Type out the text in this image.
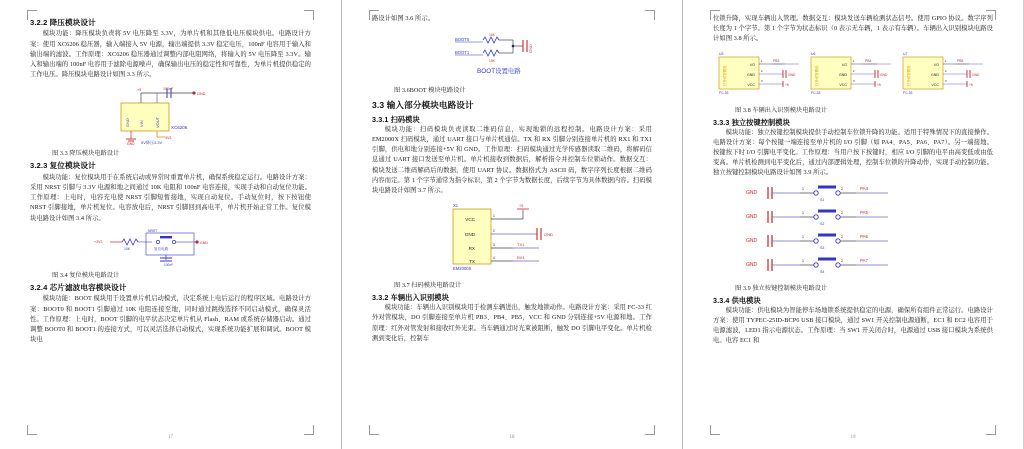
3.2.2 降压模块设计

模块功能：降压模块负责将 5V 电压降至 3.3V，为单片机和其他低电压模块供电。电路设计方案：使用 XC6206 稳压器，输入端接入 5V 电源，输出端提供 3.3V 稳定电压，100nF 电容用于输入和输出端的滤波。工作原理：XC6206 稳压器通过调整内部电阻网络，将输入的 5V 电压降至 3.3V。输入和输出端的 100nF 电容用于滤除电源噪声，确保输出电压的稳定性和可靠性，为单片机提供稳定的工作电压。降压模块电路设计如图 3.3 所示。

GND VIN	VOUT XC6206
+5	100nF
GND
3V3
GND 5V降压3.3V
图 3.3 降压模块电路设计
3.2.3 复位模块设计

模块功能：复位模块用于在系统启动或异常时重置单片机，确保系统稳定运行。电路设计方案：采用 NRST 引脚与 3.3V 电源和地之间通过 10K 电阻和 100nF 电容连接，实现手动和自动复位功能。工作原理：上电时，电容充电使 NRST 引脚短暂接地，实现自动复位。手动复位时，按下按钮使 NRST 引脚接地，单片机复位。电容放电后，NRST 引脚回到高电平，单片机开始正常工作。复位模块电路设计如图 3.4 所示。

+3V3
10K
NRST
复位电路
100nF
GND
图 3.4 复位模块电路设计
3.2.4 芯片滤波电容模块设计

模块功能：BOOT 模块用于设置单片机启动模式，决定系统上电后运行的程序区域。电路设计方案：BOOT0 和 BOOT1 引脚通过 10K 电阻连接至地，同时通过跳线选择不同启动模式，确保灵活性。工作原理：上电时，BOOT 引脚的电平状态决定单片机从 Flash、RAM 或系统存储器启动。通过调整 BOOT0 和 BOOT1 的连接方式，可以灵活选择启动模式，实现系统功能扩展和调试。BOOT 模块电

17

路设计如图 3.6 所示。

BOOT0
BOOT1
10K
10K
GND
BOOT设置电路
图 3.6BOOT 模块电路设计
3.3 输入部分模块电路设计
3.3.1 扫码模块

模块功能：扫码模块负责读取二维码信息，实现地锁的远程控制。电路设计方案：采用 EM2000X 扫码模块，通过 UART 接口与单片机通信。TX 和 RX 引脚分别连接单片机的 RX1 和 TX1 引脚，供电和地分别连接+5V 和 GND。工作原理：扫码模块通过光学传感器读取二维码，将解码信息通过 UART 接口发送至单片机。单片机接收到数据后，解析指令并控制车位锁动作。数据交互：模块发送二维码解码后的数据，使用 UART 协议。数据格式为 ASCII 码，数字序列长度根据二维码内容而定。第 1 个字节通常为指令标识，第 2 个字节为数据长度，后续字节为具体数据内容。扫码模块电路设计如图 3.7 所示。

X1
EM2000X
VCC
1
+5
GND
2
GND
RX
3	TX1
TX
4	RX1
图 3.7 扫码模块电路设计
3.3.2 车辆出入识别模块

模块功能：车辆出入识别模块用于检测车辆进出，触发地锁动作。电路设计方案：采用 FC-33 红外对管模块，DO 引脚连接至单片机 PB3、PB4、PB5，VCC 和 GND 分别连接+5V 电源和地。工作原理：红外对管发射和接收红外光束。当车辆通过时光束被阻断，触发 DO 引脚电平变化。单片机检测到变化后，控制车

18

位锁升降，实现车辆出入管理。数据交互：模块发送车辆检测状态信号。使用 GPIO 协议。数字序列长度为 1 个字节。第 1 个字节为状态标识（0 表示无车辆，1 表示有车辆）。车辆出入识别模块电路设计如图 3.8 所示。

U5
红外对管模块
FC-33
I/O
1	PB3
GND
2
GND
VCC
3
+5
U6
红外对管模块
FC-33
I/O
1	PB4
GND
2
GND
VCC
3
+5
U7
红外对管模块
FC-33
I/O
1	PB5
GND
2
GND
VCC
3
+5
图 3.8 车辆出入识别模块电路设计
3.3.3 独立按键控制模块

模块功能：独立按键控制模块提供手动控制车位锁升降的功能。适用于特殊情况下的直接操作。电路设计方案：每个按键一端连接至单片机的 I/O 引脚（如 PA4、PA5、PA6、PA7）。另一端接地。按键按下时 I/O 引脚电平变化。工作原理：当用户按下按键时，相应 I/O 引脚的电平由高变低或由低变高。单片机检测到电平变化后，通过内部逻辑处理，控制车位锁的升降动作，实现手动控制功能。独立按键控制模块电路设计如图 3.9 所示。

GND
1	2
S1
PA4
GND
1	2
S2
PA5
GND
1	2
S3
PA6
GND
1	2
S4
PA7
图 3.9 独立按键控制模块电路设计
3.3.4 供电模块

模块功能：供电模块为智能停车场地锁系统提供稳定的电源，确保所有组件正常运行。电路设计方案：使用 TYPEC-25ID-BCP6 USB 接口模块，通过 SW1 开关控制电源通断，EC1 和 EC2 电容用于电源滤波，LED1 指示电源状态。工作原理：当 SW1 开关闭合时，电源通过 USB 接口模块为系统供电。电容 EC1 和

19
